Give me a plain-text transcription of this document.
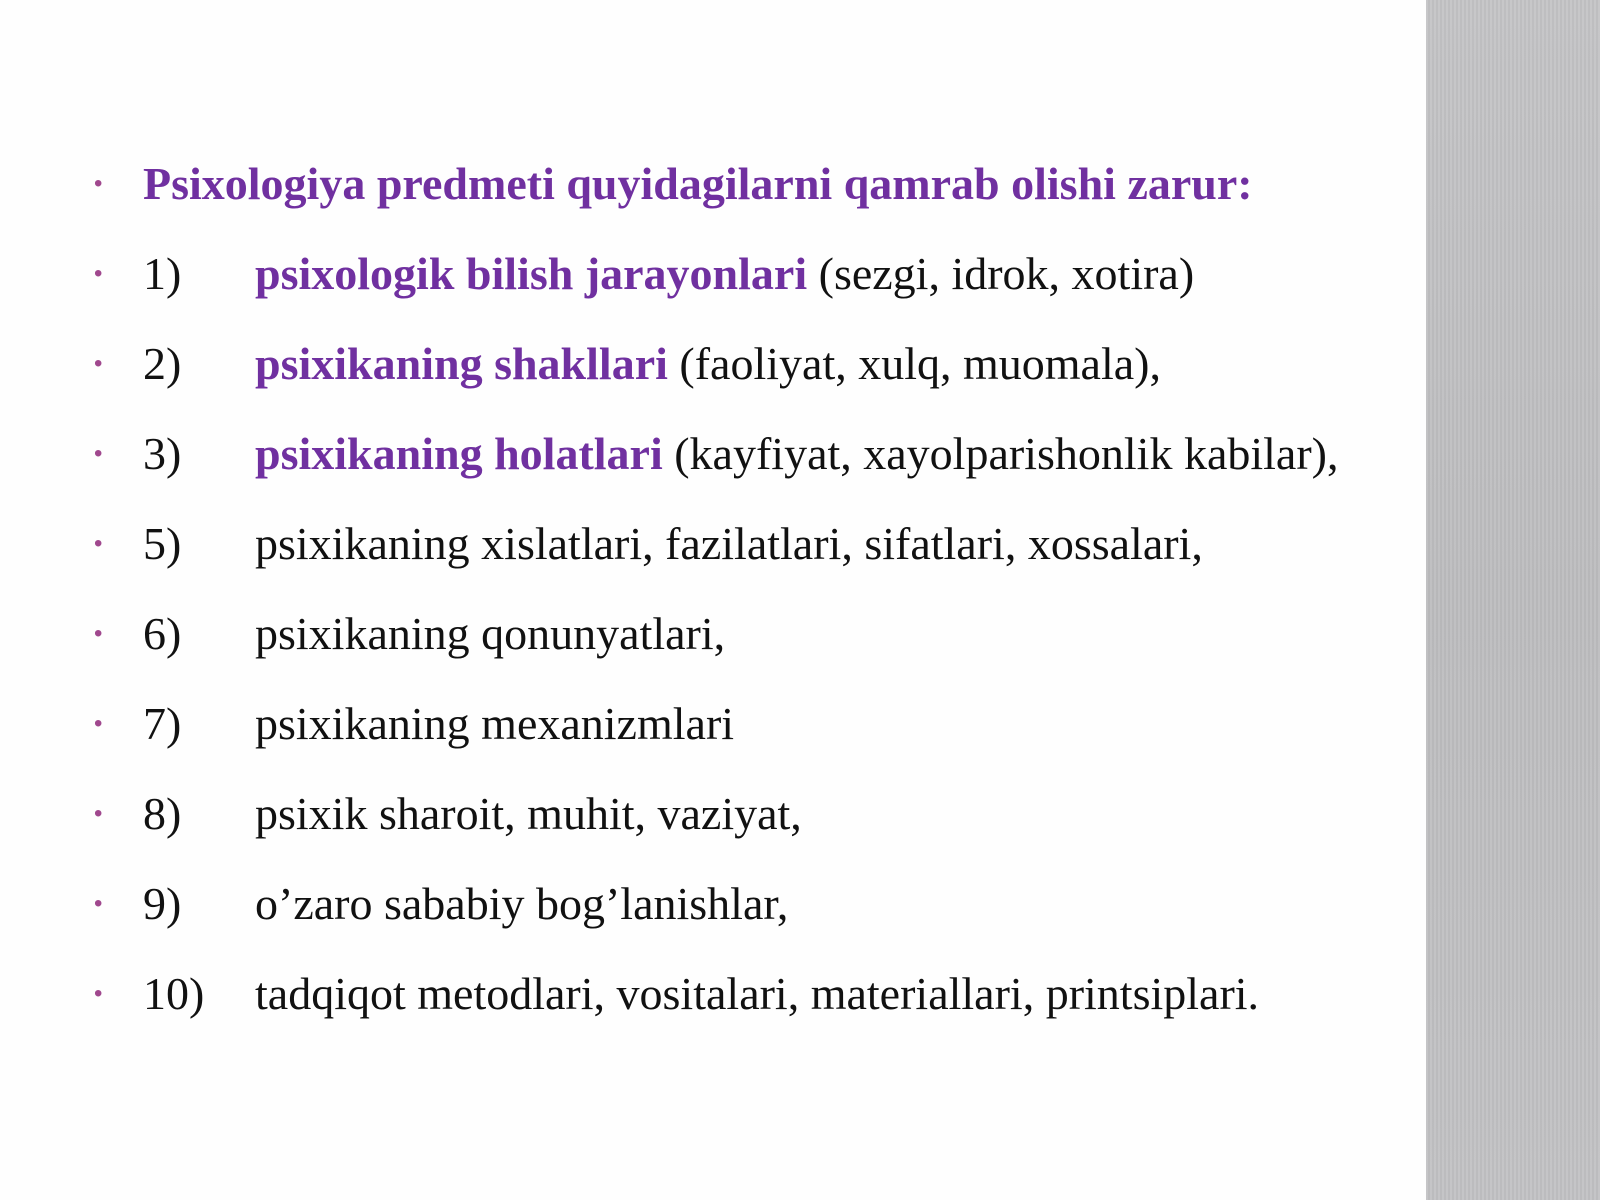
• Psixologiya predmeti quyidagilarni qamrab olishi zarur:
• 1) psixologik bilish jarayonlari (sezgi, idrok, xotira)
• 2) psixikaning shakllari (faoliyat, xulq, muomala),
• 3) psixikaning holatlari (kayfiyat, xayolparishonlik kabilar),
• 5) psixikaning xislatlari, fazilatlari, sifatlari, xossalari,
• 6) psixikaning qonunyatlari,
• 7) psixikaning mexanizmlari
• 8) psixik sharoit, muhit, vaziyat,
• 9) o’zaro sababiy bog’lanishlar,
• 10) tadqiqot metodlari, vositalari, materiallari, printsiplari.
